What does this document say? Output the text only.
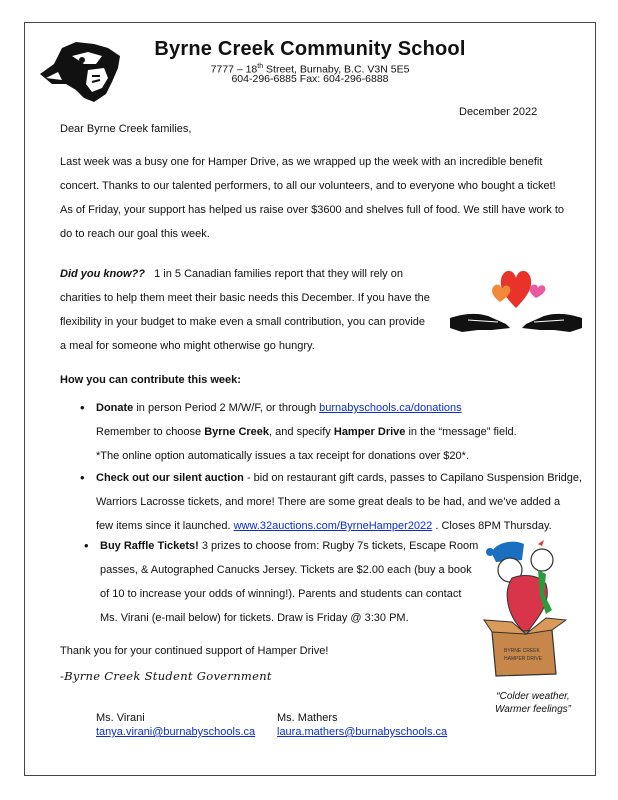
Byrne Creek Community School
7777 – 18th Street, Burnaby, B.C. V3N 5E5
604-296-6885 Fax: 604-296-6888
December 2022
Dear Byrne Creek families,
Last week was a busy one for Hamper Drive, as we wrapped up the week with an incredible benefit
concert. Thanks to our talented performers, to all our volunteers, and to everyone who bought a ticket!
As of Friday, your support has helped us raise over $3600 and shelves full of food. We still have work to
do to reach our goal this week.
Did you know??   1 in 5 Canadian families report that they will rely on
charities to help them meet their basic needs this December. If you have the
flexibility in your budget to make even a small contribution, you can provide
a meal for someone who might otherwise go hungry.
How you can contribute this week:
• Donate in person Period 2 M/W/F, or through burnabyschools.ca/donations
Remember to choose Byrne Creek, and specify Hamper Drive in the “message” field.
*The online option automatically issues a tax receipt for donations over $20*.
• Check out our silent auction - bid on restaurant gift cards, passes to Capilano Suspension Bridge,
Warriors Lacrosse tickets, and more! There are some great deals to be had, and we’ve added a
few items since it launched. www.32auctions.com/ByrneHamper2022 . Closes 8PM Thursday.
• Buy Raffle Tickets! 3 prizes to choose from: Rugby 7s tickets, Escape Room
passes, & Autographed Canucks Jersey. Tickets are $2.00 each (buy a book
of 10 to increase your odds of winning!). Parents and students can contact
Ms. Virani (e-mail below) for tickets. Draw is Friday @ 3:30 PM.
BYRNE CREEK
HAMPER DRIVE
“Colder weather,
Warmer feelings”
Thank you for your continued support of Hamper Drive!
-Byrne Creek Student Government
Ms. Virani
tanya.virani@burnabyschools.ca
Ms. Mathers
laura.mathers@burnabyschools.ca
